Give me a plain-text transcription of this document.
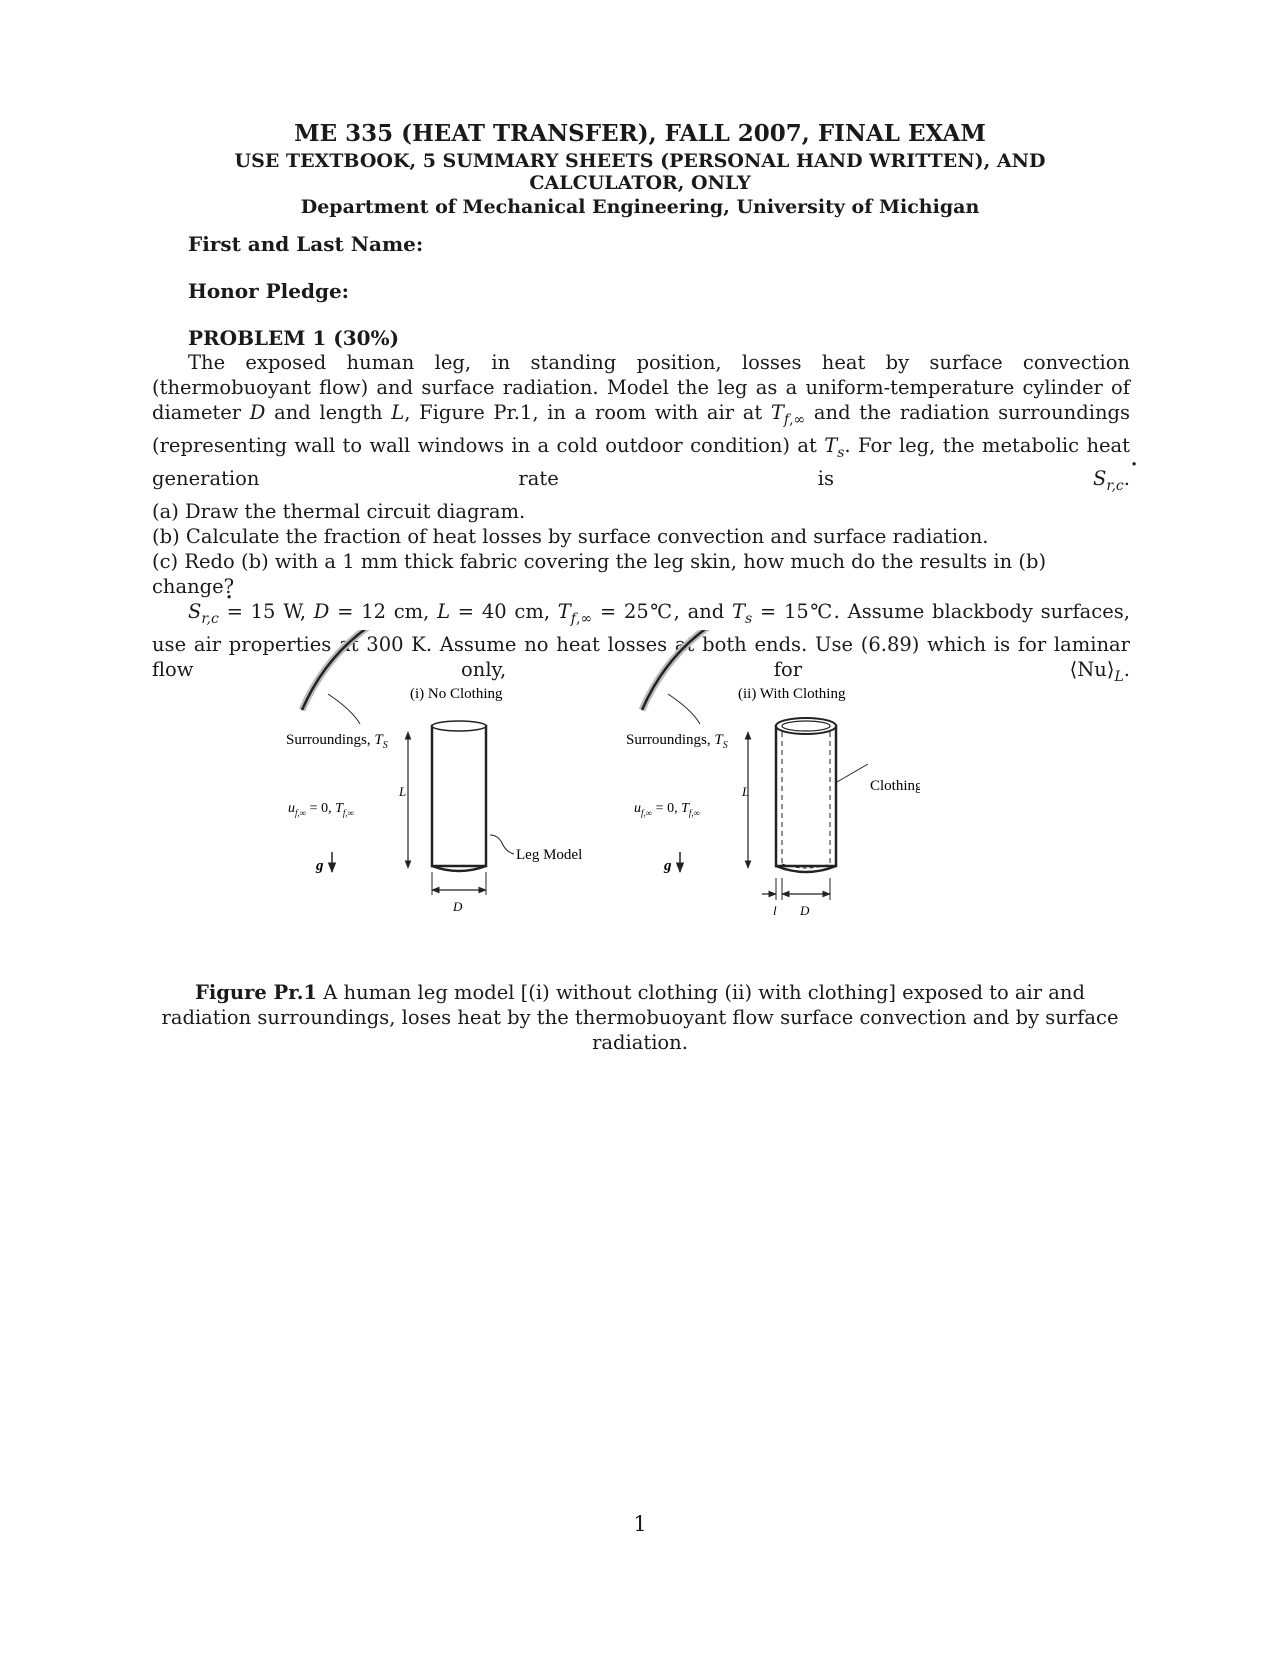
ME 335 (HEAT TRANSFER), FALL 2007, FINAL EXAM
USE TEXTBOOK, 5 SUMMARY SHEETS (PERSONAL HAND WRITTEN), AND
CALCULATOR, ONLY
Department of Mechanical Engineering, University of Michigan
First and Last Name:
Honor Pledge:
PROBLEM 1 (30%)
The exposed human leg, in standing position, losses heat by surface convection (thermobuoyant flow) and surface radiation. Model the leg as a uniform-temperature cylinder of diameter D and length L, Figure Pr.1, in a room with air at $T_{f,\infty}$ and the radiation surroundings (representing wall to wall windows in a cold outdoor condition) at $T_s$. For leg, the metabolic heat generation rate is ·	$S_{r,c}$.
(a) Draw the thermal circuit diagram.
(b) Calculate the fraction of heat losses by surface convection and surface radiation.
(c) Redo (b) with a 1 mm thick fabric covering the leg skin, how much do the results in (b) change?
· $S_{r,c} = 15$ W, D = 12 cm, L = 40 cm, $T_{f,\infty}$ = 25℃, and $T_s$ = 15℃. Assume blackbody surfaces, use air properties at 300 K. Assume no heat losses at both ends. Use (6.89) which is for laminar flow only, for $⟨Nu⟩_L$.
(i) No Clothing
Surroundings, $T_S$
L
D
$u_{f,\infty} = 0$, $T_{f,\infty}$
g
Leg Model
(ii) With Clothing
Surroundings, $T_S$
L	Clothing
l D
$u_{f,\infty} = 0$, $T_{f,\infty}$
g
Figure Pr.1 A human leg model [(i) without clothing (ii) with clothing] exposed to air and radiation surroundings, loses heat by the thermobuoyant flow surface convection and by surface radiation.
1
